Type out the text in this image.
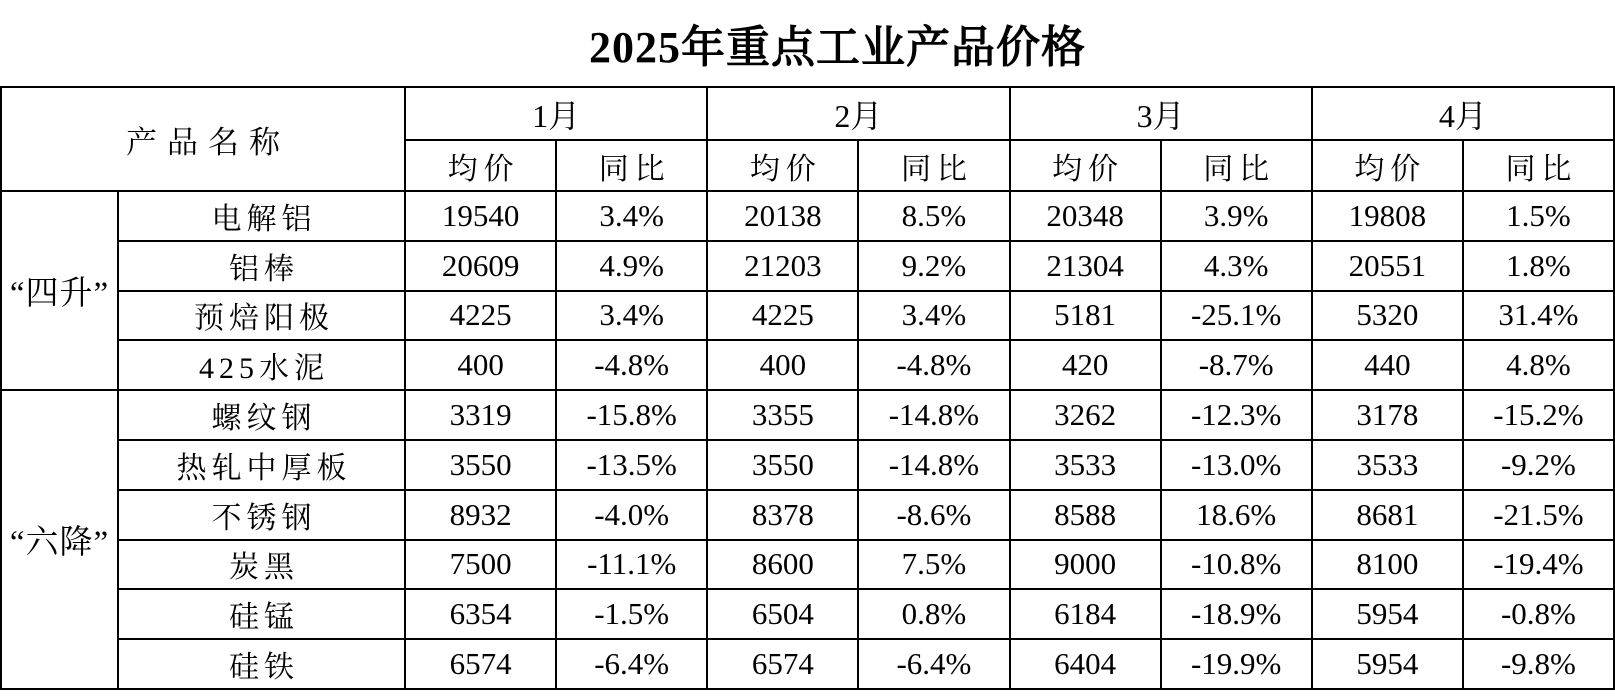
2025年重点工业产品价格
产品名称		1月		2月		3月		4月	
		均价	同比	均价	同比	均价	同比	均价	同比
“四升”	电解铝	19540	3.4%	20138	8.5%	20348	3.9%	19808	1.5%
	铝棒	20609	4.9%	21203	9.2%	21304	4.3%	20551	1.8%
	预焙阳极	4225	3.4%	4225	3.4%	5181	-25.1%	5320	31.4%
	425水泥	400	-4.8%	400	-4.8%	420	-8.7%	440	4.8%
“六降”	螺纹钢	3319	-15.8%	3355	-14.8%	3262	-12.3%	3178	-15.2%
	热轧中厚板	3550	-13.5%	3550	-14.8%	3533	-13.0%	3533	-9.2%
	不锈钢	8932	-4.0%	8378	-8.6%	8588	18.6%	8681	-21.5%
	炭黑	7500	-11.1%	8600	7.5%	9000	-10.8%	8100	-19.4%
	硅锰	6354	-1.5%	6504	0.8%	6184	-18.9%	5954	-0.8%
	硅铁	6574	-6.4%	6574	-6.4%	6404	-19.9%	5954	-9.8%
